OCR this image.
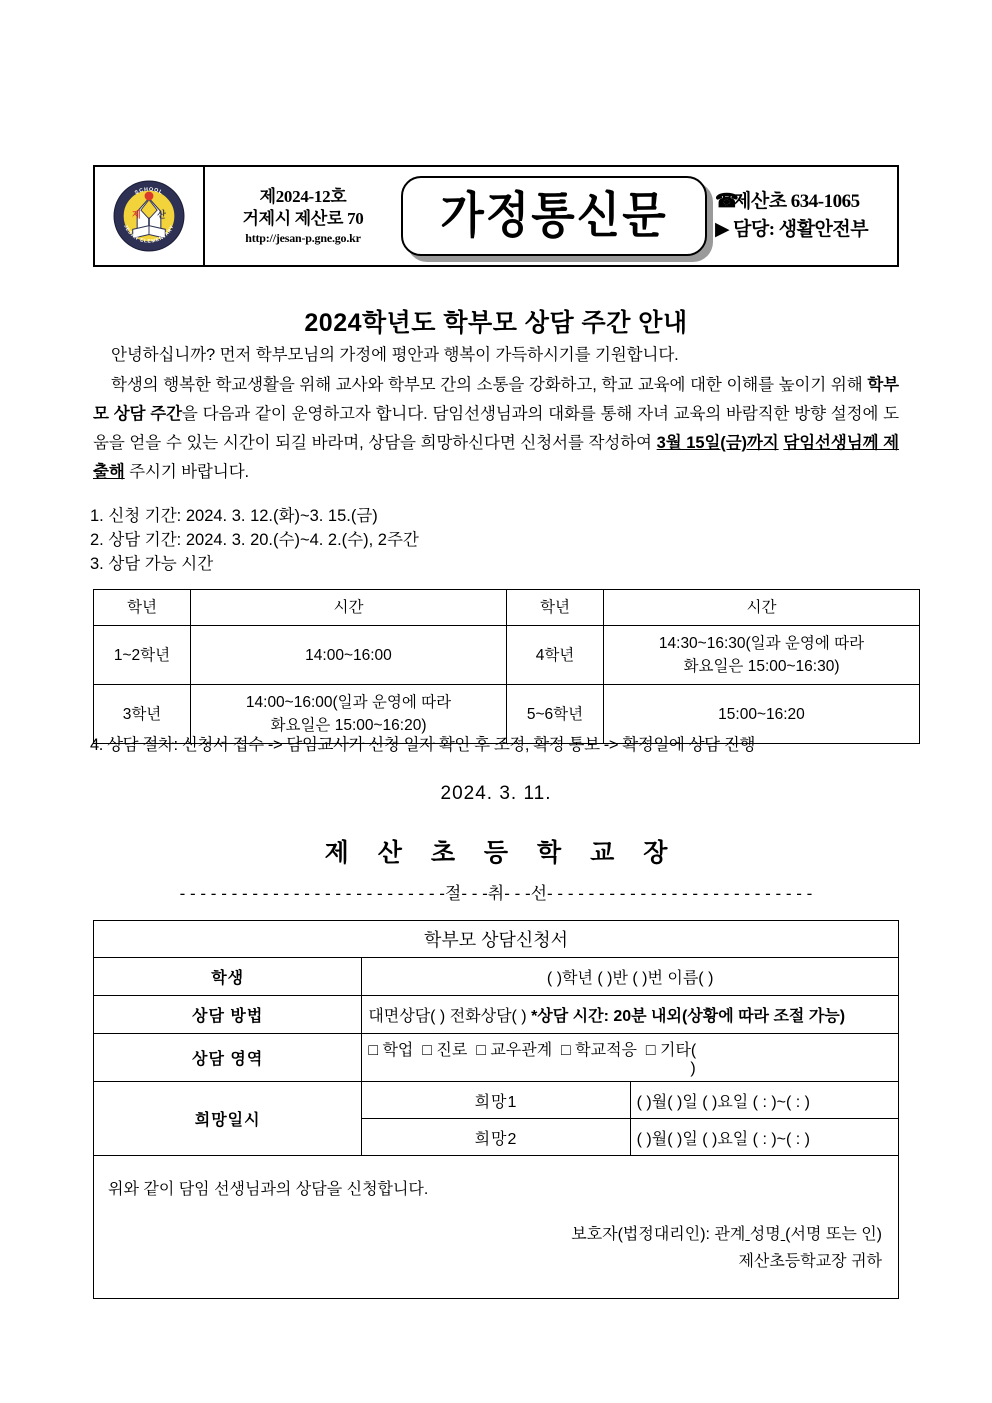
제 산
SCHOOL
JESAN ELEMENTARY
제2024-12호
거제시 제산로 70
http://jesan-p.gne.go.kr 가정통신문 ☎제산초 634-1065
▶ 담당: 생활안전부
2024학년도 학부모 상담 주간 안내
안녕하십니까? 먼저 학부모님의 가정에 평안과 행복이 가득하시기를 기원합니다.
학생의 행복한 학교생활을 위해 교사와 학부모 간의 소통을 강화하고, 학교 교육에 대한 이해를 높이기 위해 학부모 상담 주간을 다음과 같이 운영하고자 합니다. 담임선생님과의 대화를 통해 자녀 교육의 바람직한 방향 설정에 도움을 얻을 수 있는 시간이 되길 바라며, 상담을 희망하신다면 신청서를 작성하여 3월 15일(금)까지 담임선생님께 제출해 주시기 바랍니다.
1. 신청 기간: 2024. 3. 12.(화)~3. 15.(금)
2. 상담 기간: 2024. 3. 20.(수)~4. 2.(수), 2주간
3. 상담 가능 시간
학년	시간	학년	시간
1~2학년	14:00~16:00	4학년	14:30~16:30(일과 운영에 따라
화요일은 15:00~16:30)

3학년	14:00~16:00(일과 운영에 따라
화요일은 15:00~16:20)	5~6학년	15:00~16:20
4. 상담 절차: 신청서 접수 -> 담임교사가 신청 일자 확인 후 조정, 확정 통보 -> 확정일에 상담 진행
2024. 3. 11.
제 산 초 등 학 교 장
- - - - - - - - - - - - - - - - - - - - - - - - - -절- - -취- - -선- - - - - - - - - - - - - - - - - - - - - - - - - -
학부모 상담신청서		
학생	( )학년 ( )반 ( )번 이름( )	
상담 방법	대면상담( ) 전화상담( ) *상담 시간: 20분 내외(상황에 따라 조절 가능)	
상담 영역	□ 학업 □ 진로 □ 교우관계 □ 학교적응 □ 기타()	
희망일시	희망1	( )월( )일 ( )요일 ( : )~( : )
	희망2	( )월( )일 ( )요일 ( : )~( : )

위와 같이 담임 선생님과의 상담을 신청합니다.
보호자(법정대리인): 관계 성명 (서명 또는 인)
제산초등학교장 귀하		
